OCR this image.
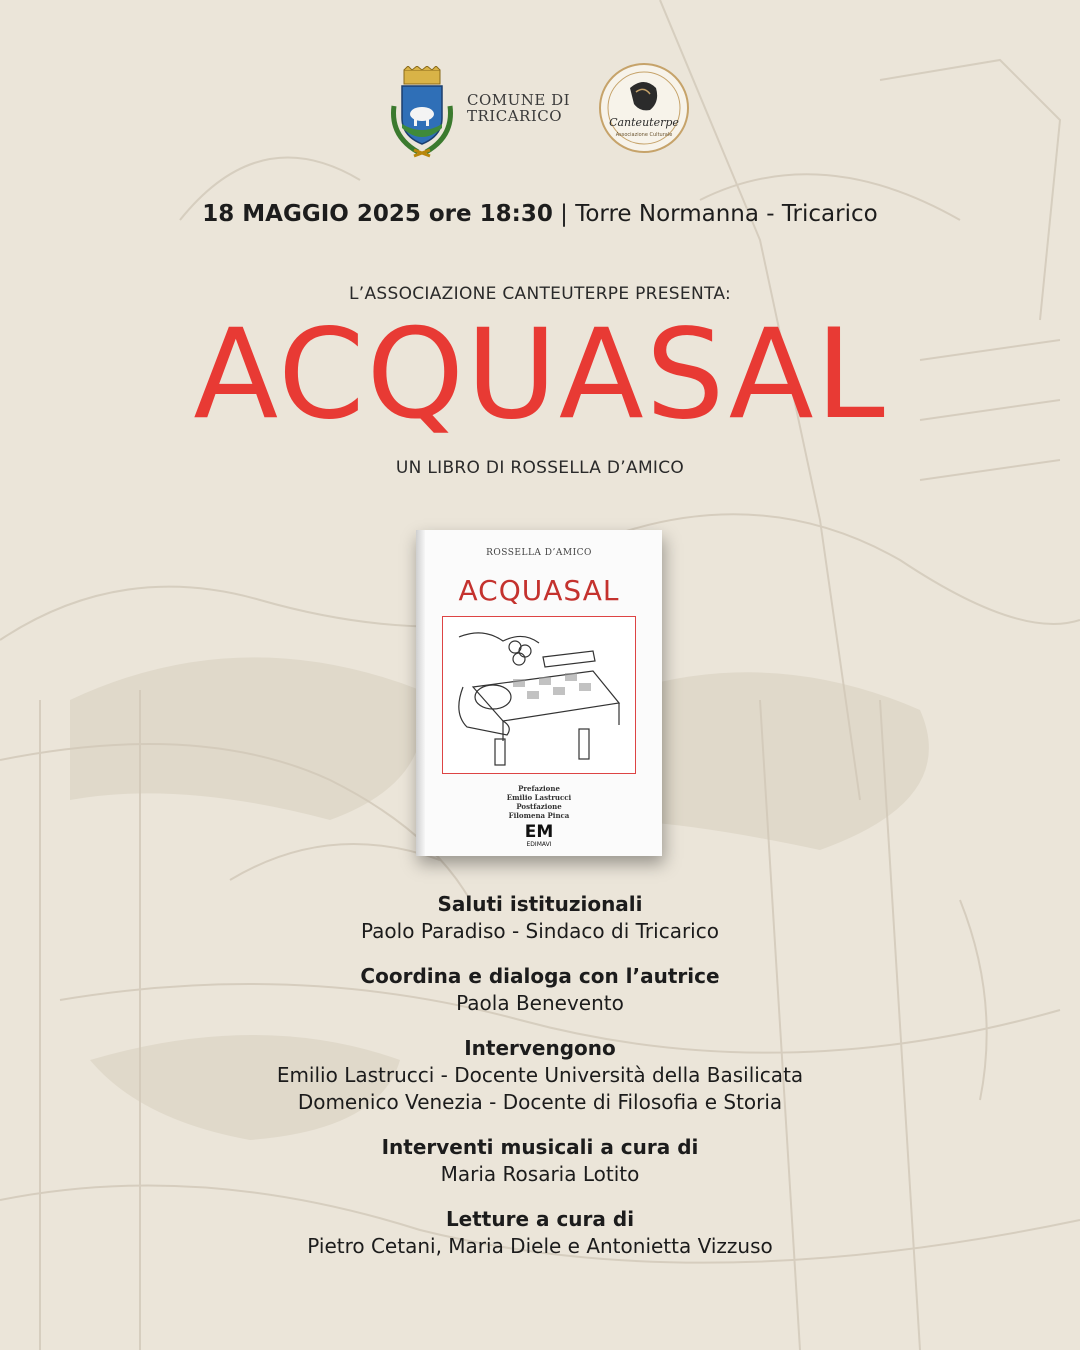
COMUNE DI
TRICARICO	Canteuterpe
Associazione Culturale
18 MAGGIO 2025 ore 18:30 | Torre Normanna - Tricarico
L’ASSOCIAZIONE CANTEUTERPE PRESENTA:
ACQUASAL
UN LIBRO DI ROSSELLA D’AMICO
ROSSELLA D’AMICO
ACQUASAL
Prefazione
Emilio Lastrucci
Postfazione
Filomena Pinca
EM
EDIMAVI
Saluti istituzionali
Paolo Paradiso - Sindaco di Tricarico
Coordina e dialoga con l’autrice
Paola Benevento
Intervengono
Emilio Lastrucci - Docente Università della Basilicata
Domenico Venezia - Docente di Filosofia e Storia
Interventi musicali a cura di
Maria Rosaria Lotito
Letture a cura di
Pietro Cetani, Maria Diele e Antonietta Vizzuso
